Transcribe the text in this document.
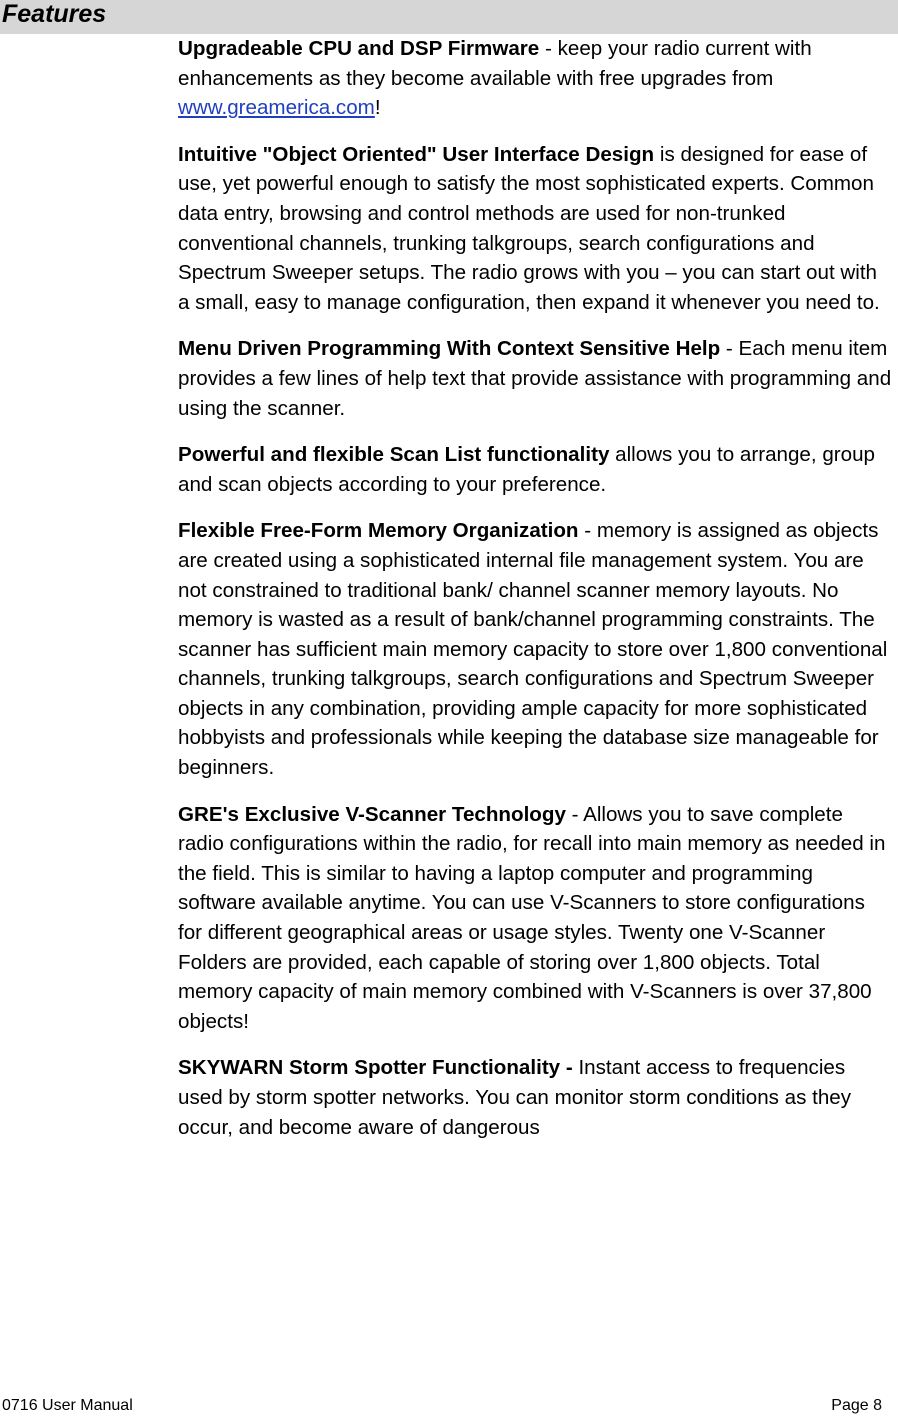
Features

Upgradeable CPU and DSP Firmware - keep your radio current with enhancements as they become available with free upgrades from www.greamerica.com!

Intuitive "Object Oriented" User Interface Design is designed for ease of use, yet powerful enough to satisfy the most sophisticated experts. Common data entry, browsing and control methods are used for non-trunked conventional channels, trunking talkgroups, search configurations and Spectrum Sweeper setups. The radio grows with you – you can start out with a small, easy to manage configuration, then expand it whenever you need to.

Menu Driven Programming With Context Sensitive Help - Each menu item provides a few lines of help text that provide assistance with programming and using the scanner.

Powerful and flexible Scan List functionality allows you to arrange, group and scan objects according to your preference.

Flexible Free-Form Memory Organization - memory is assigned as objects are created using a sophisticated internal file management system. You are not constrained to traditional bank/ channel scanner memory layouts. No memory is wasted as a result of bank/channel programming constraints. The scanner has sufficient main memory capacity to store over 1,800 conventional channels, trunking talkgroups, search configurations and Spectrum Sweeper objects in any combination, providing ample capacity for more sophisticated hobbyists and professionals while keeping the database size manageable for beginners.

GRE's Exclusive V-Scanner Technology - Allows you to save complete radio configurations within the radio, for recall into main memory as needed in the field. This is similar to having a laptop computer and programming software available anytime. You can use V-Scanners to store configurations for different geographical areas or usage styles. Twenty one V-Scanner Folders are provided, each capable of storing over 1,800 objects. Total memory capacity of main memory combined with V-Scanners is over 37,800 objects!

SKYWARN Storm Spotter Functionality - Instant access to frequencies used by storm spotter networks. You can monitor storm conditions as they occur, and become aware of dangerous

0716 User Manual	Page 8
